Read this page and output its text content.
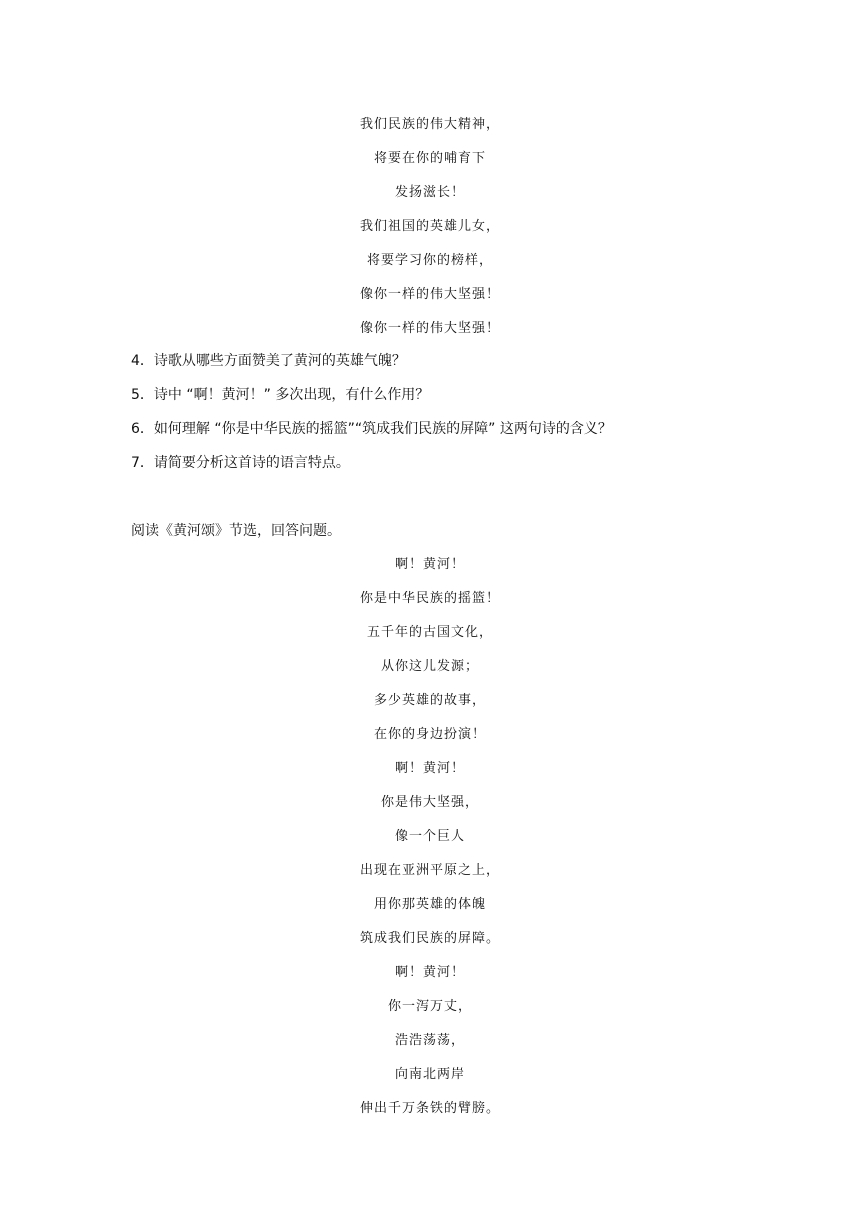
我们民族的伟大精神，
将要在你的哺育下
发扬滋长！
我们祖国的英雄儿女，
将要学习你的榜样，
像你一样的伟大坚强！
像你一样的伟大坚强！
4．诗歌从哪些方面赞美了黄河的英雄气魄？
5．诗中 “啊！黄河！” 多次出现，有什么作用？
6．如何理解 “你是中华民族的摇篮”“筑成我们民族的屏障” 这两句诗的含义？
7．请简要分析这首诗的语言特点。
阅读《黄河颂》节选，回答问题。
啊！黄河！
你是中华民族的摇篮！
五千年的古国文化，
从你这儿发源；
多少英雄的故事，
在你的身边扮演！
啊！黄河！
你是伟大坚强，
像一个巨人
出现在亚洲平原之上，
用你那英雄的体魄
筑成我们民族的屏障。
啊！黄河！
你一泻万丈，
浩浩荡荡，
向南北两岸
伸出千万条铁的臂膀。
